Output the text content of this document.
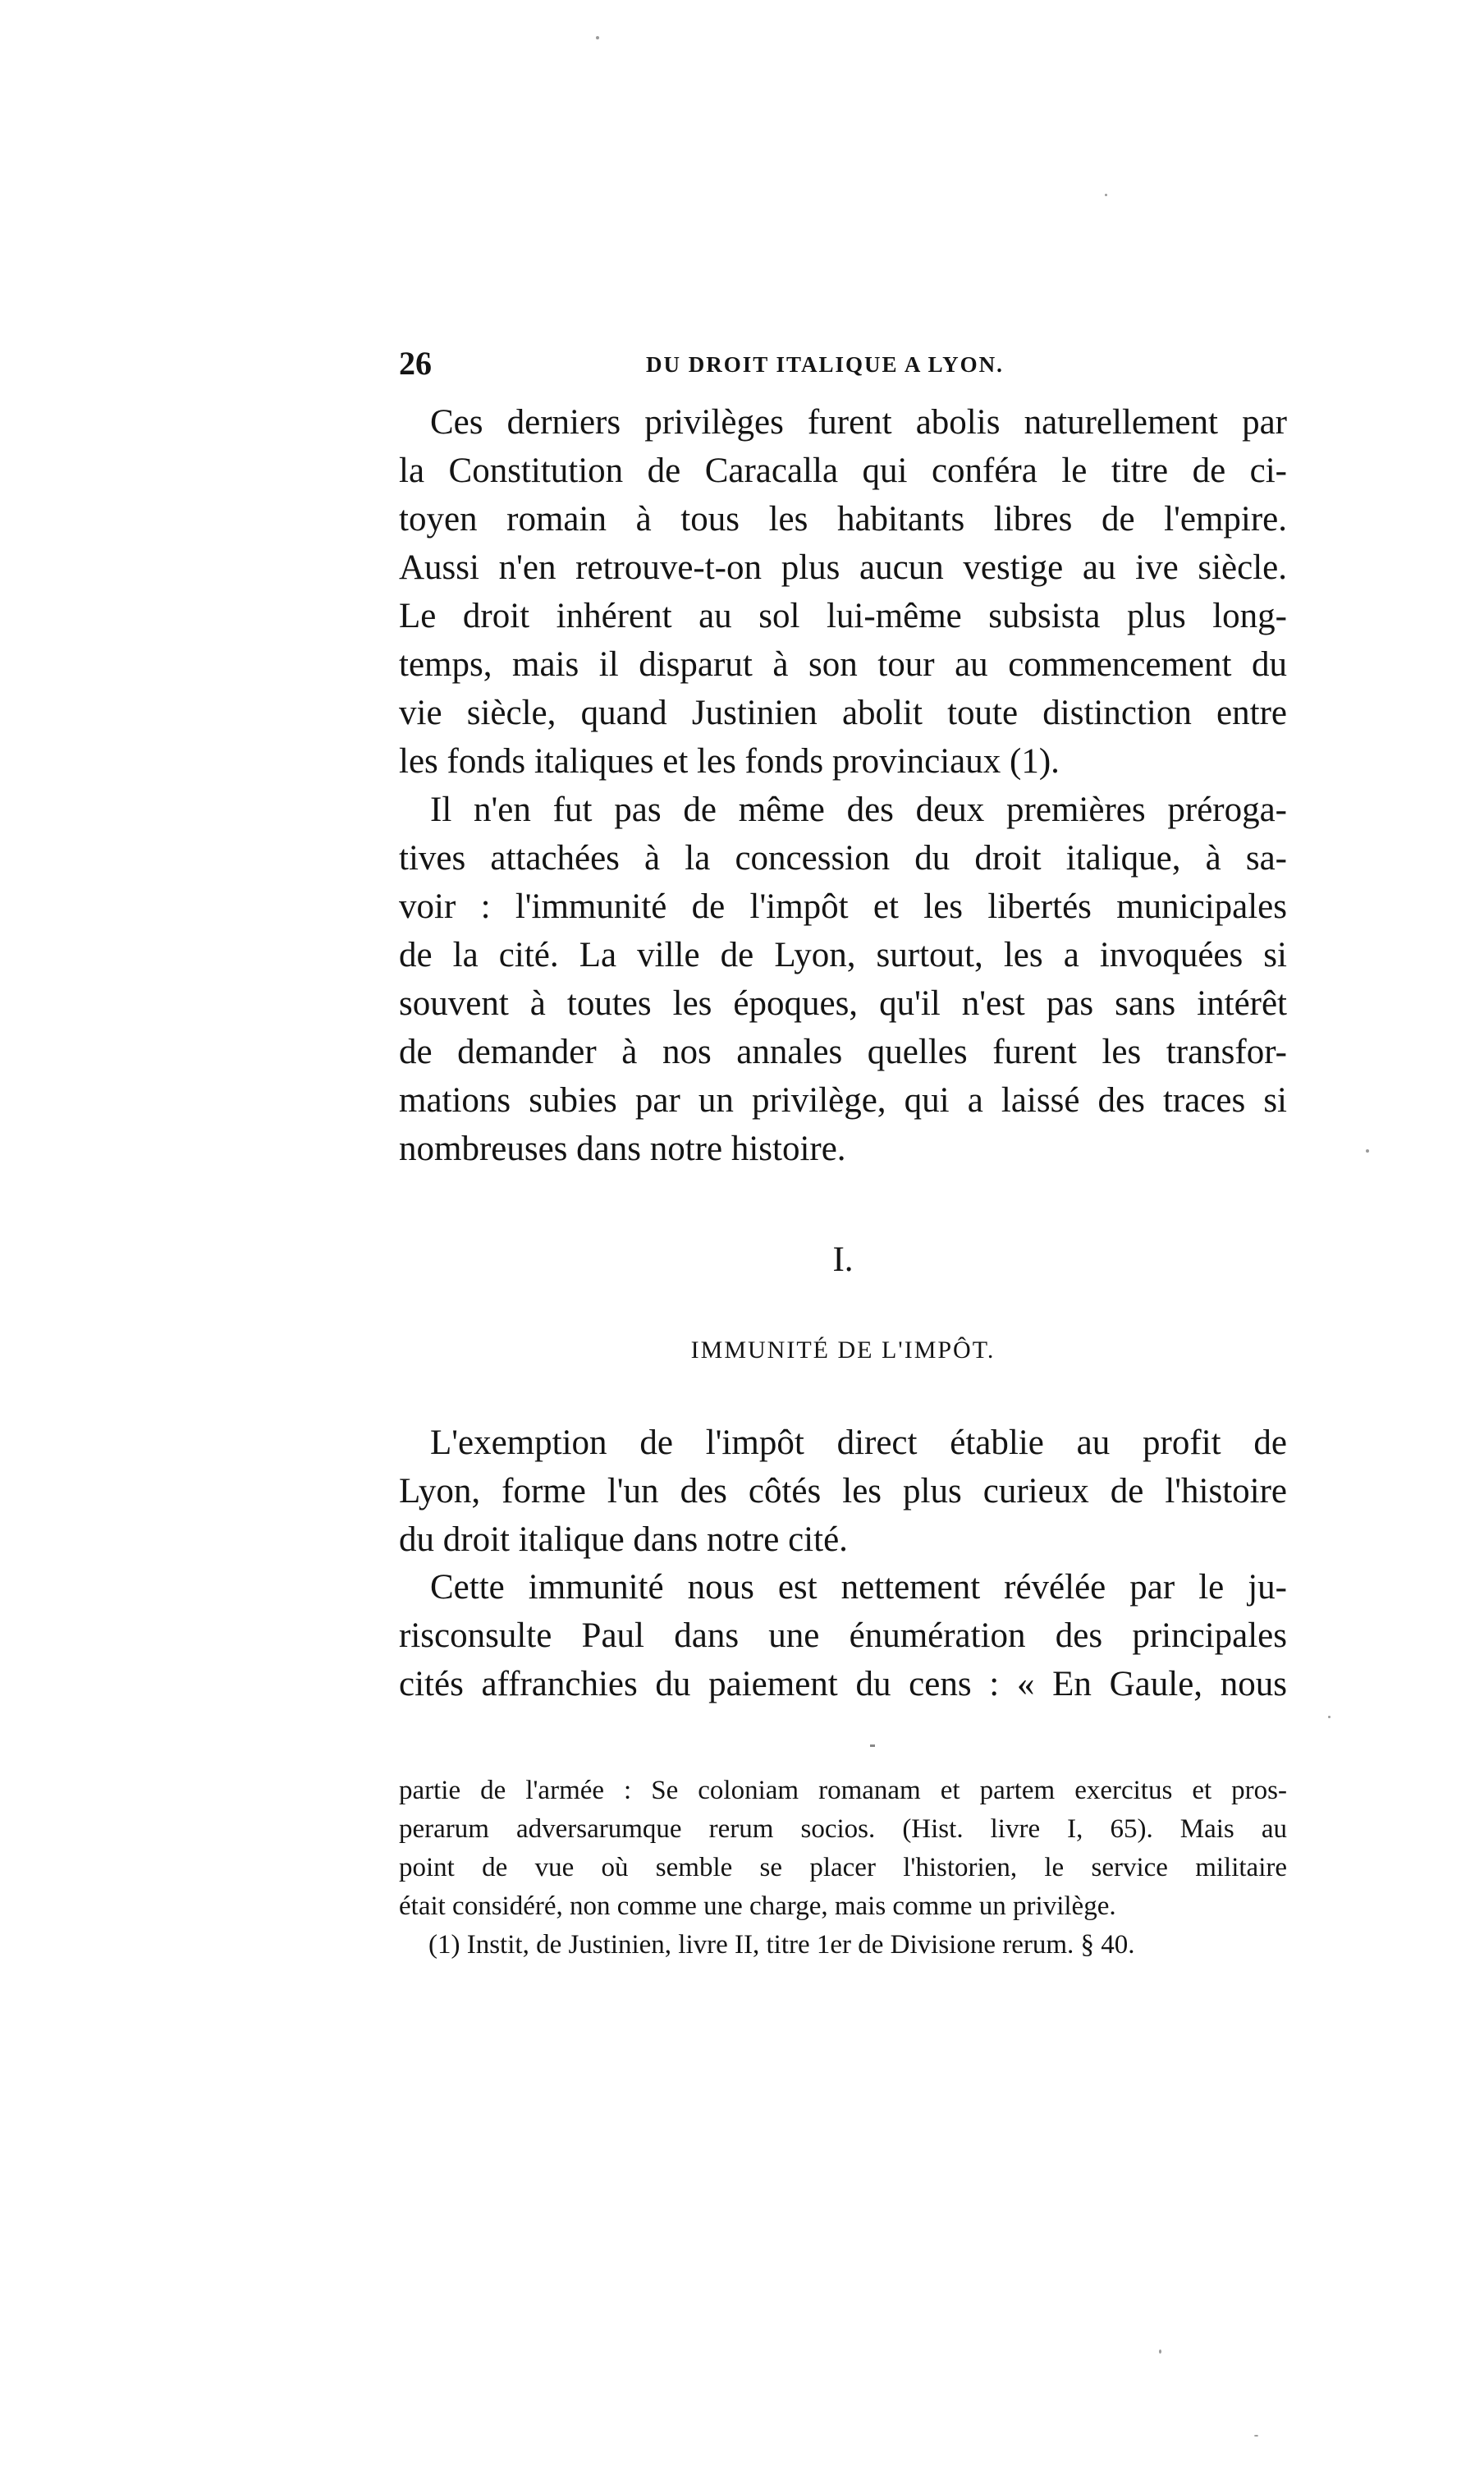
26	DU DROIT ITALIQUE A LYON.
Ces derniers privilèges furent abolis naturellement par
la Constitution de Caracalla qui conféra le titre de ci-
toyen romain à tous les habitants libres de l'empire.
Aussi n'en retrouve-t-on plus aucun vestige au ive siècle.
Le droit inhérent au sol lui-même subsista plus long-
temps, mais il disparut à son tour au commencement du
vie siècle, quand Justinien abolit toute distinction entre
les fonds italiques et les fonds provinciaux (1).
Il n'en fut pas de même des deux premières préroga-
tives attachées à la concession du droit italique, à sa-
voir : l'immunité de l'impôt et les libertés municipales
de la cité. La ville de Lyon, surtout, les a invoquées si
souvent à toutes les époques, qu'il n'est pas sans intérêt
de demander à nos annales quelles furent les transfor-
mations subies par un privilège, qui a laissé des traces si
nombreuses dans notre histoire.
I.
IMMUNITÉ DE L'IMPÔT.
L'exemption de l'impôt direct établie au profit de
Lyon, forme l'un des côtés les plus curieux de l'histoire
du droit italique dans notre cité.
Cette immunité nous est nettement révélée par le ju-
risconsulte Paul dans une énumération des principales
cités affranchies du paiement du cens : « En Gaule, nous
partie de l'armée : Se coloniam romanam et partem exercitus et pros-
perarum adversarumque rerum socios. (Hist. livre I, 65). Mais au
point de vue où semble se placer l'historien, le service militaire
était considéré, non comme une charge, mais comme un privilège.
(1) Instit, de Justinien, livre II, titre 1er de Divisione rerum. § 40.
